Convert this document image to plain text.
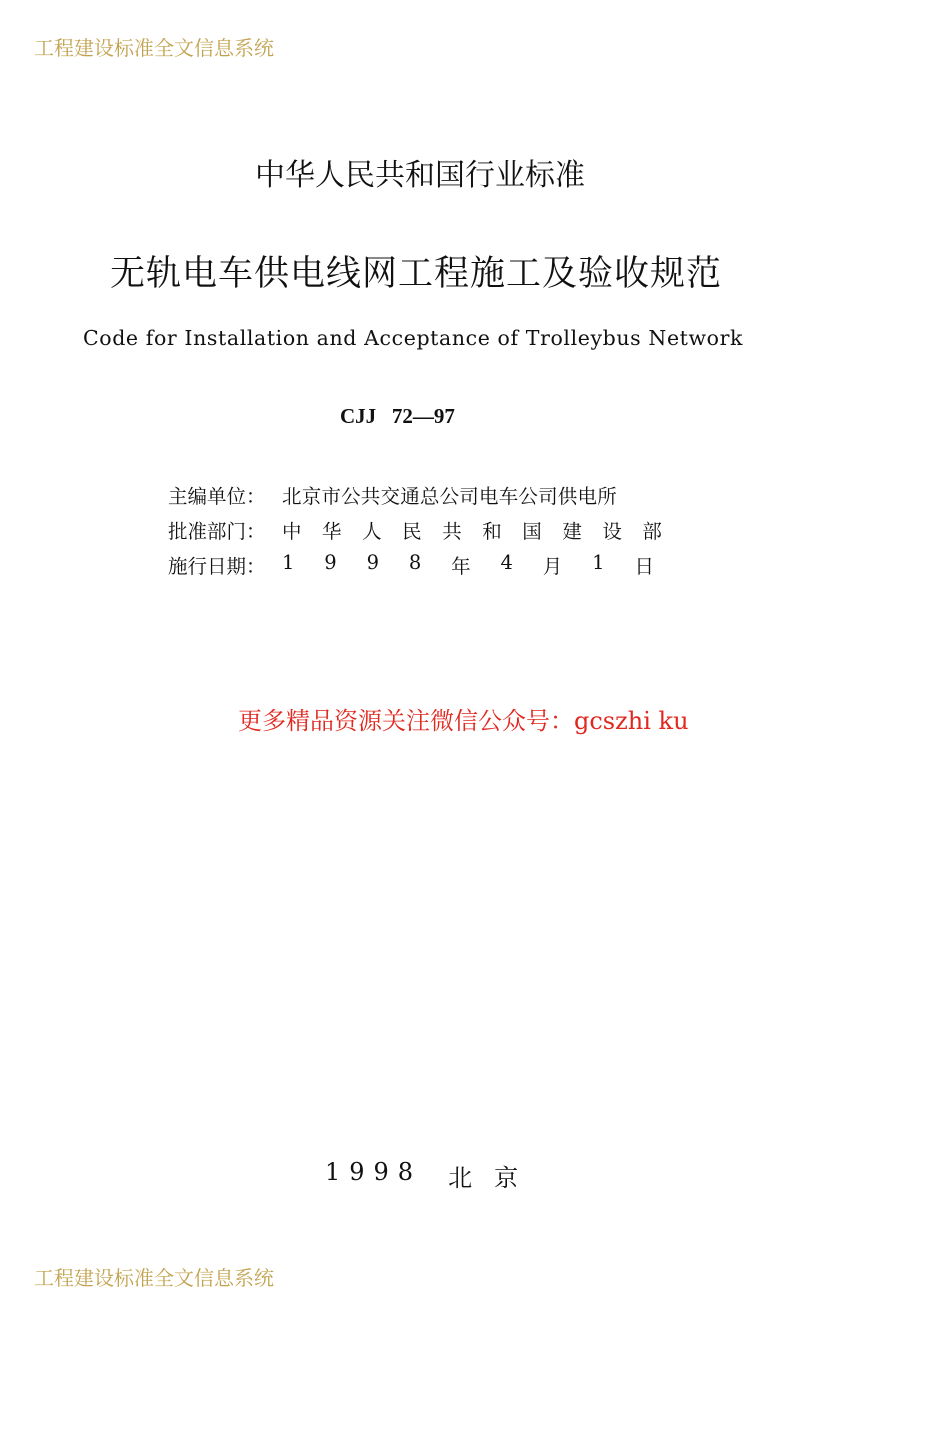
工程建设标准全文信息系统
中华人民共和国行业标准
无轨电车供电线网工程施工及验收规范
Code for Installation and Acceptance of Trolleybus Network
CJJ   72—97
主编单位： 北京市公共交通总公司电车公司供电所
批准部门： 中 华 人 民 共 和 国 建 设 部
施行日期： 1 9 9 8 年 4 月 1 日
更多精品资源关注微信公众号：gcszhi ku
1998 北京
工程建设标准全文信息系统
